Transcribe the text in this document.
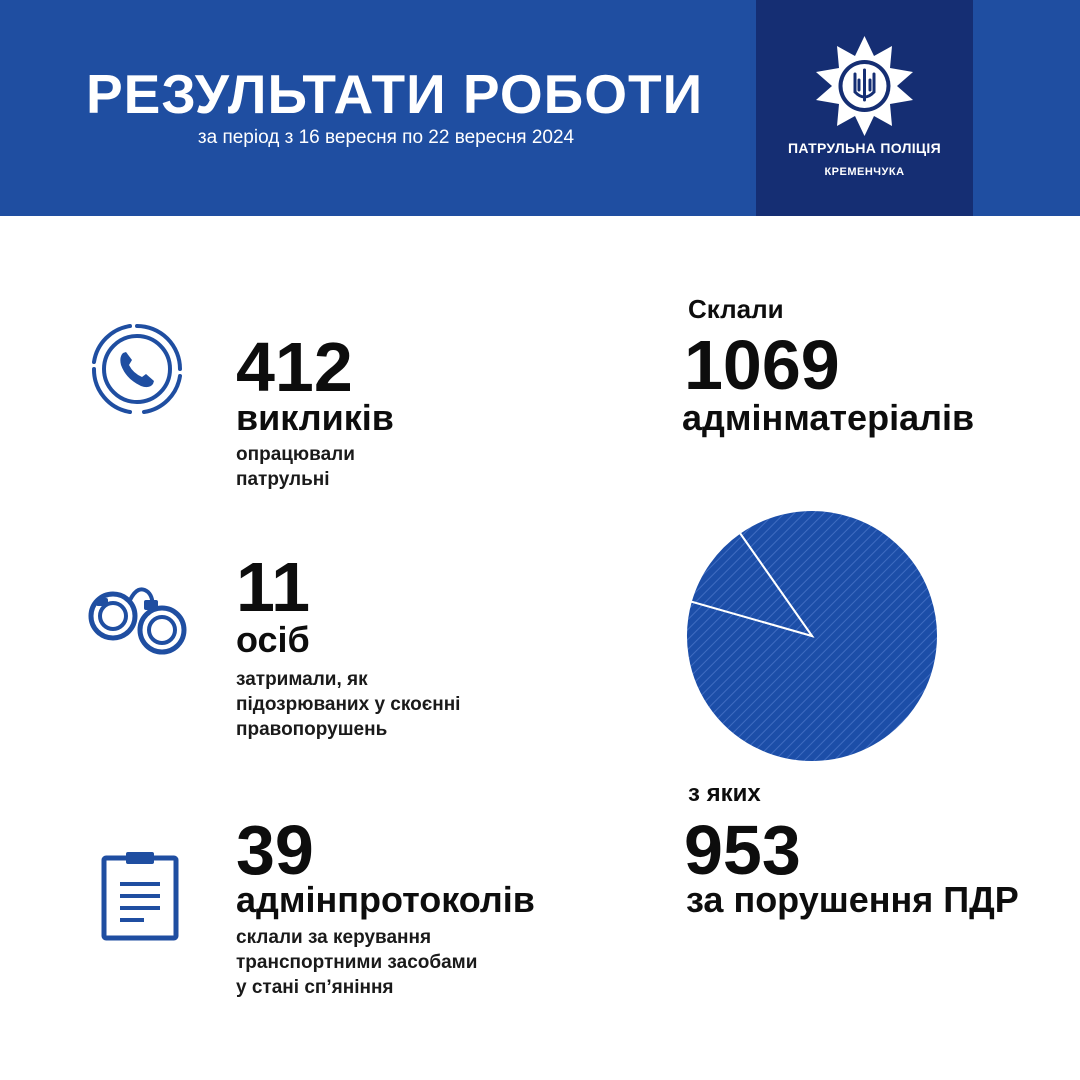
РЕЗУЛЬТАТИ РОБОТИ
за період з 16 вересня по 22 вересня 2024	ПАТРУЛЬНА ПОЛІЦІЯ
КРЕМЕНЧУКА
412
викликів
опрацювали
патрульні
11
осіб
затримали, як
підозрюваних у скоєнні
правопорушень
39
адмінпротоколів
склали за керування
транспортними засобами
у стані сп’яніння
Склали
1069
адмінматеріалів
з яких
953
за порушення ПДР
